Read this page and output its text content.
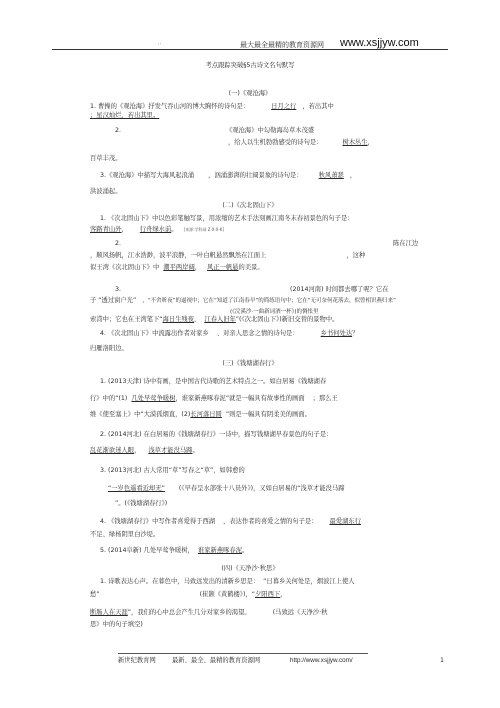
‘’	最大最全最精的教育资源网 www.xsjjyw.com
考点跟踪突破§5古诗文名句默写
(一)《观沧海》
1. 曹操的《观沧海》抒发气吞山河的博大胸怀的诗句是：	日月之行 ，若出其中
；星汉灿烂，若出其里。
2.	《观沧海》中勾勒海岛草木茂盛
，给人以生机勃勃感受的诗句是：	树木丛生，
百草丰茂。
3.《观沧海》中描写大海风起浪涌 ，汹涌澎湃的壮阔景象的诗句是：	秋风萧瑟 ，
洪波涌起。
(二)《次北固山下》
1. 《次北固山下》中以色彩笔触写景，用浓缩的艺术手法刻画江南冬末春初景色的句子是：
客路青山外， 行舟绿水前。 [来源:学科网 Z·X·X·K]
2.	陈在江边
，顺风扬帆，江水浩渺，波平浪静，一叶白帆悬然飘然在江面上	，这种
似王湾《次北固山下》中 潮平两岸阔， 风正一帆悬的美景。
3.	(2014河南) 时间都去哪了呢？它在
子 “透过窗户​光” ，“不舍昕夜”的逼视中；它在“知道了江南春早”的简练语句中；它在“无可奈何花落去，似曾相识燕归来”
(《浣溪沙·一曲新词酒一杯》)的惆怅里
索渮中；它也在王湾笔下“海日生残夜， 江春入旧年”(《次北固山下》)新旧交替的景物​中。
4. 《次北固山下》中流露出作者对家乡 、对亲人思念之情的诗句是：	乡书何处达？
归雁洛阳边。
(三)《钱塘湖春行》
1. (2013天津) 诗中有画，是中国古代诗歌的艺术特点之一。如白居易《钱塘湖春
行》中的“(1) 几处早莺争暖树，谁家新燕啄春泥”就是一幅具有故事性的画面 ；那么王
维《使至塞上》中“大漠孤烟直，(2)长河落日圆 ”则是一幅具有阴柔美的画面。
2. (2014河北) 在白居易的《钱塘湖春行》一诗中，描写钱塘湖早春景色的句子是：
乱花渐欲迷人眼， 浅草才能没马蹄。
3. (2013河北) 古人常用“草”写春之“草”，如韩愈的
“一岁色遥看近却无” (《早春呈水部张十八员外》)，又如白居易的“浅草才能没马蹄
”。(《钱塘湖春行》)
4. 《钱塘湖春行》中写作者喜爱得于西湖 ，表达作者的喜爱之情的句子是： 最爱湖东行
不足、绿杨阴里白沙堤。
5. (2014阜新) 几处早莺争暖树， 谁家新燕啄春泥。
(四)《天净沙·秋思》
1. 诗歌表达心声。在暮色中，马致远发出的清新乡思是： “日暮乡关何处是，烟波江上使人
愁”	(崔颢《黄鹤楼》)，“夕阳西下，
断肠人在天涯”，我们的心中总会产生几分对家乡的渴望。	(马致远《天净沙·秋
思》中的句子填空)
新世纪教育网	最新、最全、最精的教育资源网	http://www.xsjjyw.com/	1
